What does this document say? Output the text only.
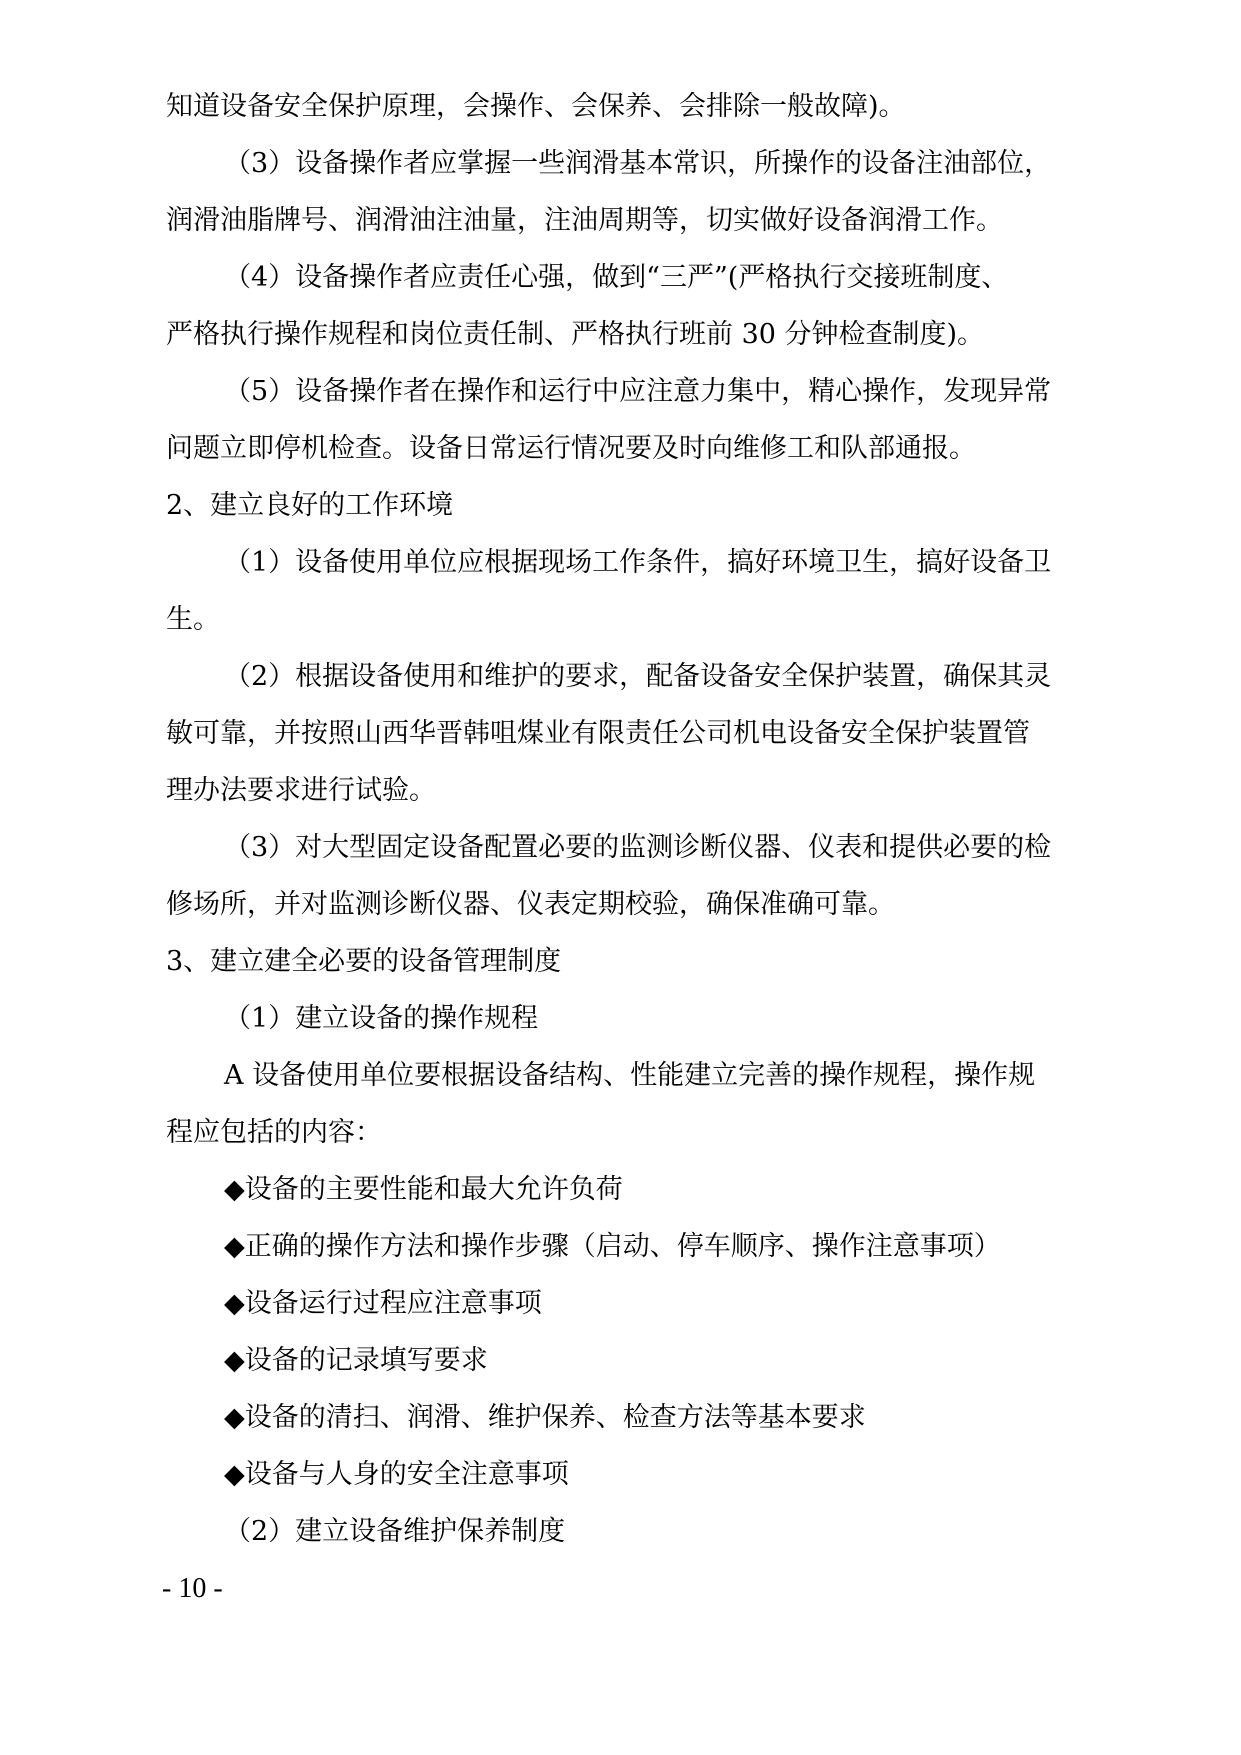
知道设备安全保护原理，会操作、会保养、会排除一般故障)。
（3）设备操作者应掌握一些润滑基本常识，所操作的设备注油部位，
润滑油脂牌号、润滑油注油量，注油周期等，切实做好设备润滑工作。
（4）设备操作者应责任心强，做到“三严”(严格执行交接班制度、
严格执行操作规程和岗位责任制、严格执行班前 30 分钟检查制度)。
（5）设备操作者在操作和运行中应注意力集中，精心操作，发现异常
问题立即停机检查。设备日常运行情况要及时向维修工和队部通报。
2、建立良好的工作环境
（1）设备使用单位应根据现场工作条件，搞好环境卫生，搞好设备卫
生。
（2）根据设备使用和维护的要求，配备设备安全保护装置，确保其灵
敏可靠，并按照山西华晋韩咀煤业有限责任公司机电设备安全保护装置管
理办法要求进行试验。
（3）对大型固定设备配置必要的监测诊断仪器、仪表和提供必要的检
修场所，并对监测诊断仪器、仪表定期校验，确保准确可靠。
3、建立建全必要的设备管理制度
（1）建立设备的操作规程
A 设备使用单位要根据设备结构、性能建立完善的操作规程，操作规
程应包括的内容：
◆设备的主要性能和最大允许负荷
◆正确的操作方法和操作步骤（启动、停车顺序、操作注意事项）
◆设备运行过程应注意事项
◆设备的记录填写要求
◆设备的清扫、润滑、维护保养、检查方法等基本要求
◆设备与人身的安全注意事项
（2）建立设备维护保养制度
- 10 -
